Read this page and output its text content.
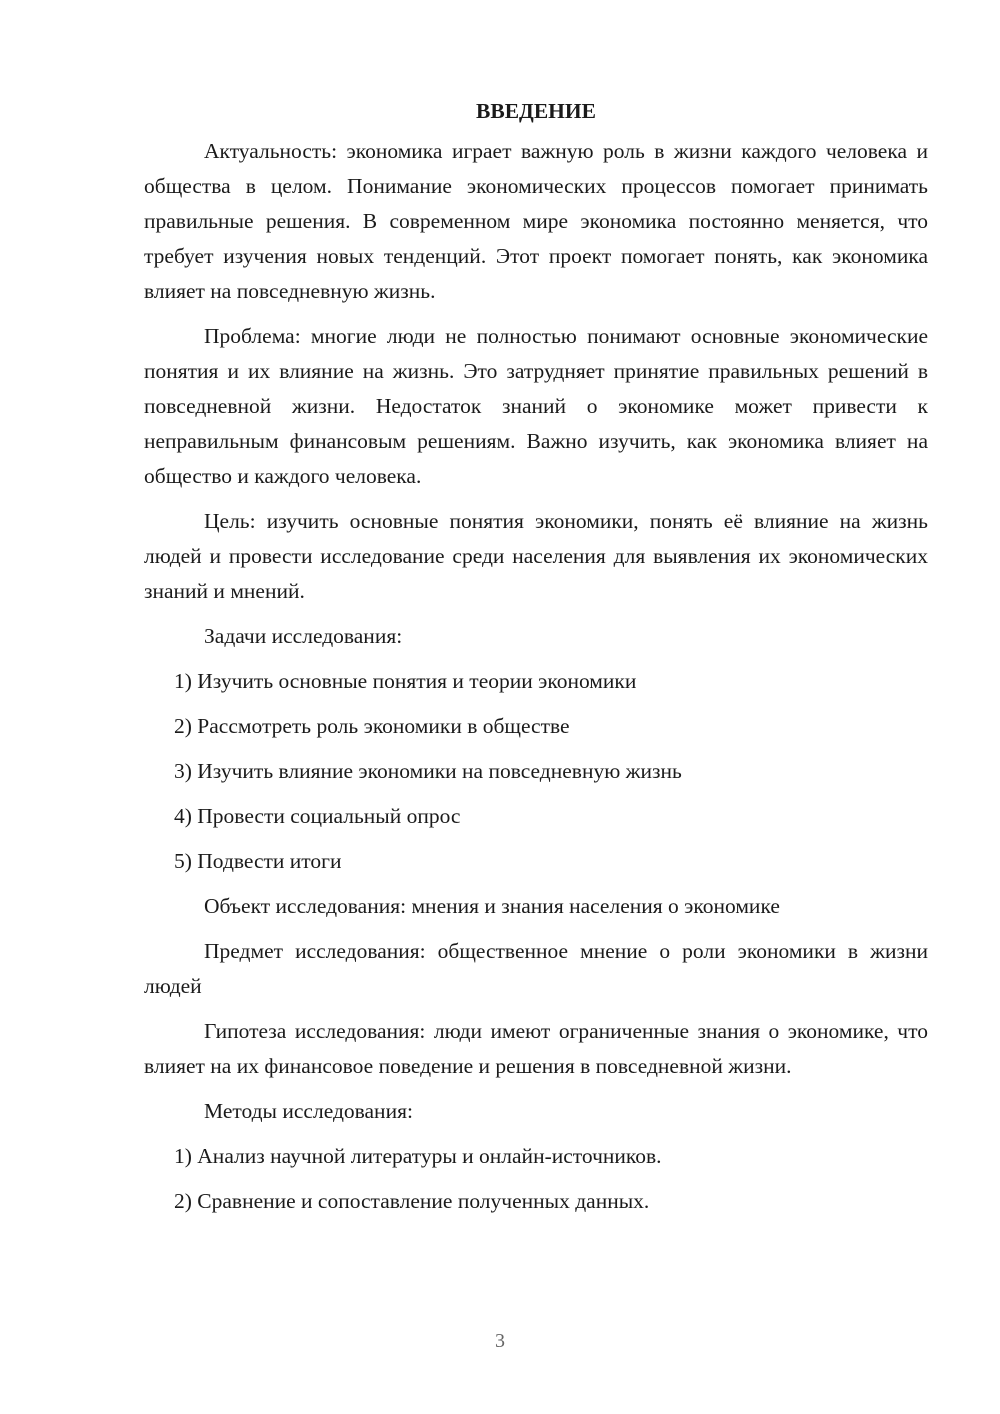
ВВЕДЕНИЕ

Актуальность: экономика играет важную роль в жизни каждого человека и общества в целом. Понимание экономических процессов помогает принимать правильные решения. В современном мире экономика постоянно меняется, что требует изучения новых тенденций. Этот проект помогает понять, как экономика влияет на повседневную жизнь.

Проблема: многие люди не полностью понимают основные экономические понятия и их влияние на жизнь. Это затрудняет принятие правильных решений в повседневной жизни. Недостаток знаний о экономике может привести к неправильным финансовым решениям. Важно изучить, как экономика влияет на общество и каждого человека.

Цель: изучить основные понятия экономики, понять её влияние на жизнь людей и провести исследование среди населения для выявления их экономических знаний и мнений.

Задачи исследования:

1) Изучить основные понятия и теории экономики
2) Рассмотреть роль экономики в обществе
3) Изучить влияние экономики на повседневную жизнь
4) Провести социальный опрос
5) Подвести итоги

Объект исследования: мнения и знания населения о экономике

Предмет исследования: общественное мнение о роли экономики в жизни людей

Гипотеза исследования: люди имеют ограниченные знания о экономике, что влияет на их финансовое поведение и решения в повседневной жизни.

Методы исследования:

1) Анализ научной литературы и онлайн-источников.
2) Сравнение и сопоставление полученных данных.
3
